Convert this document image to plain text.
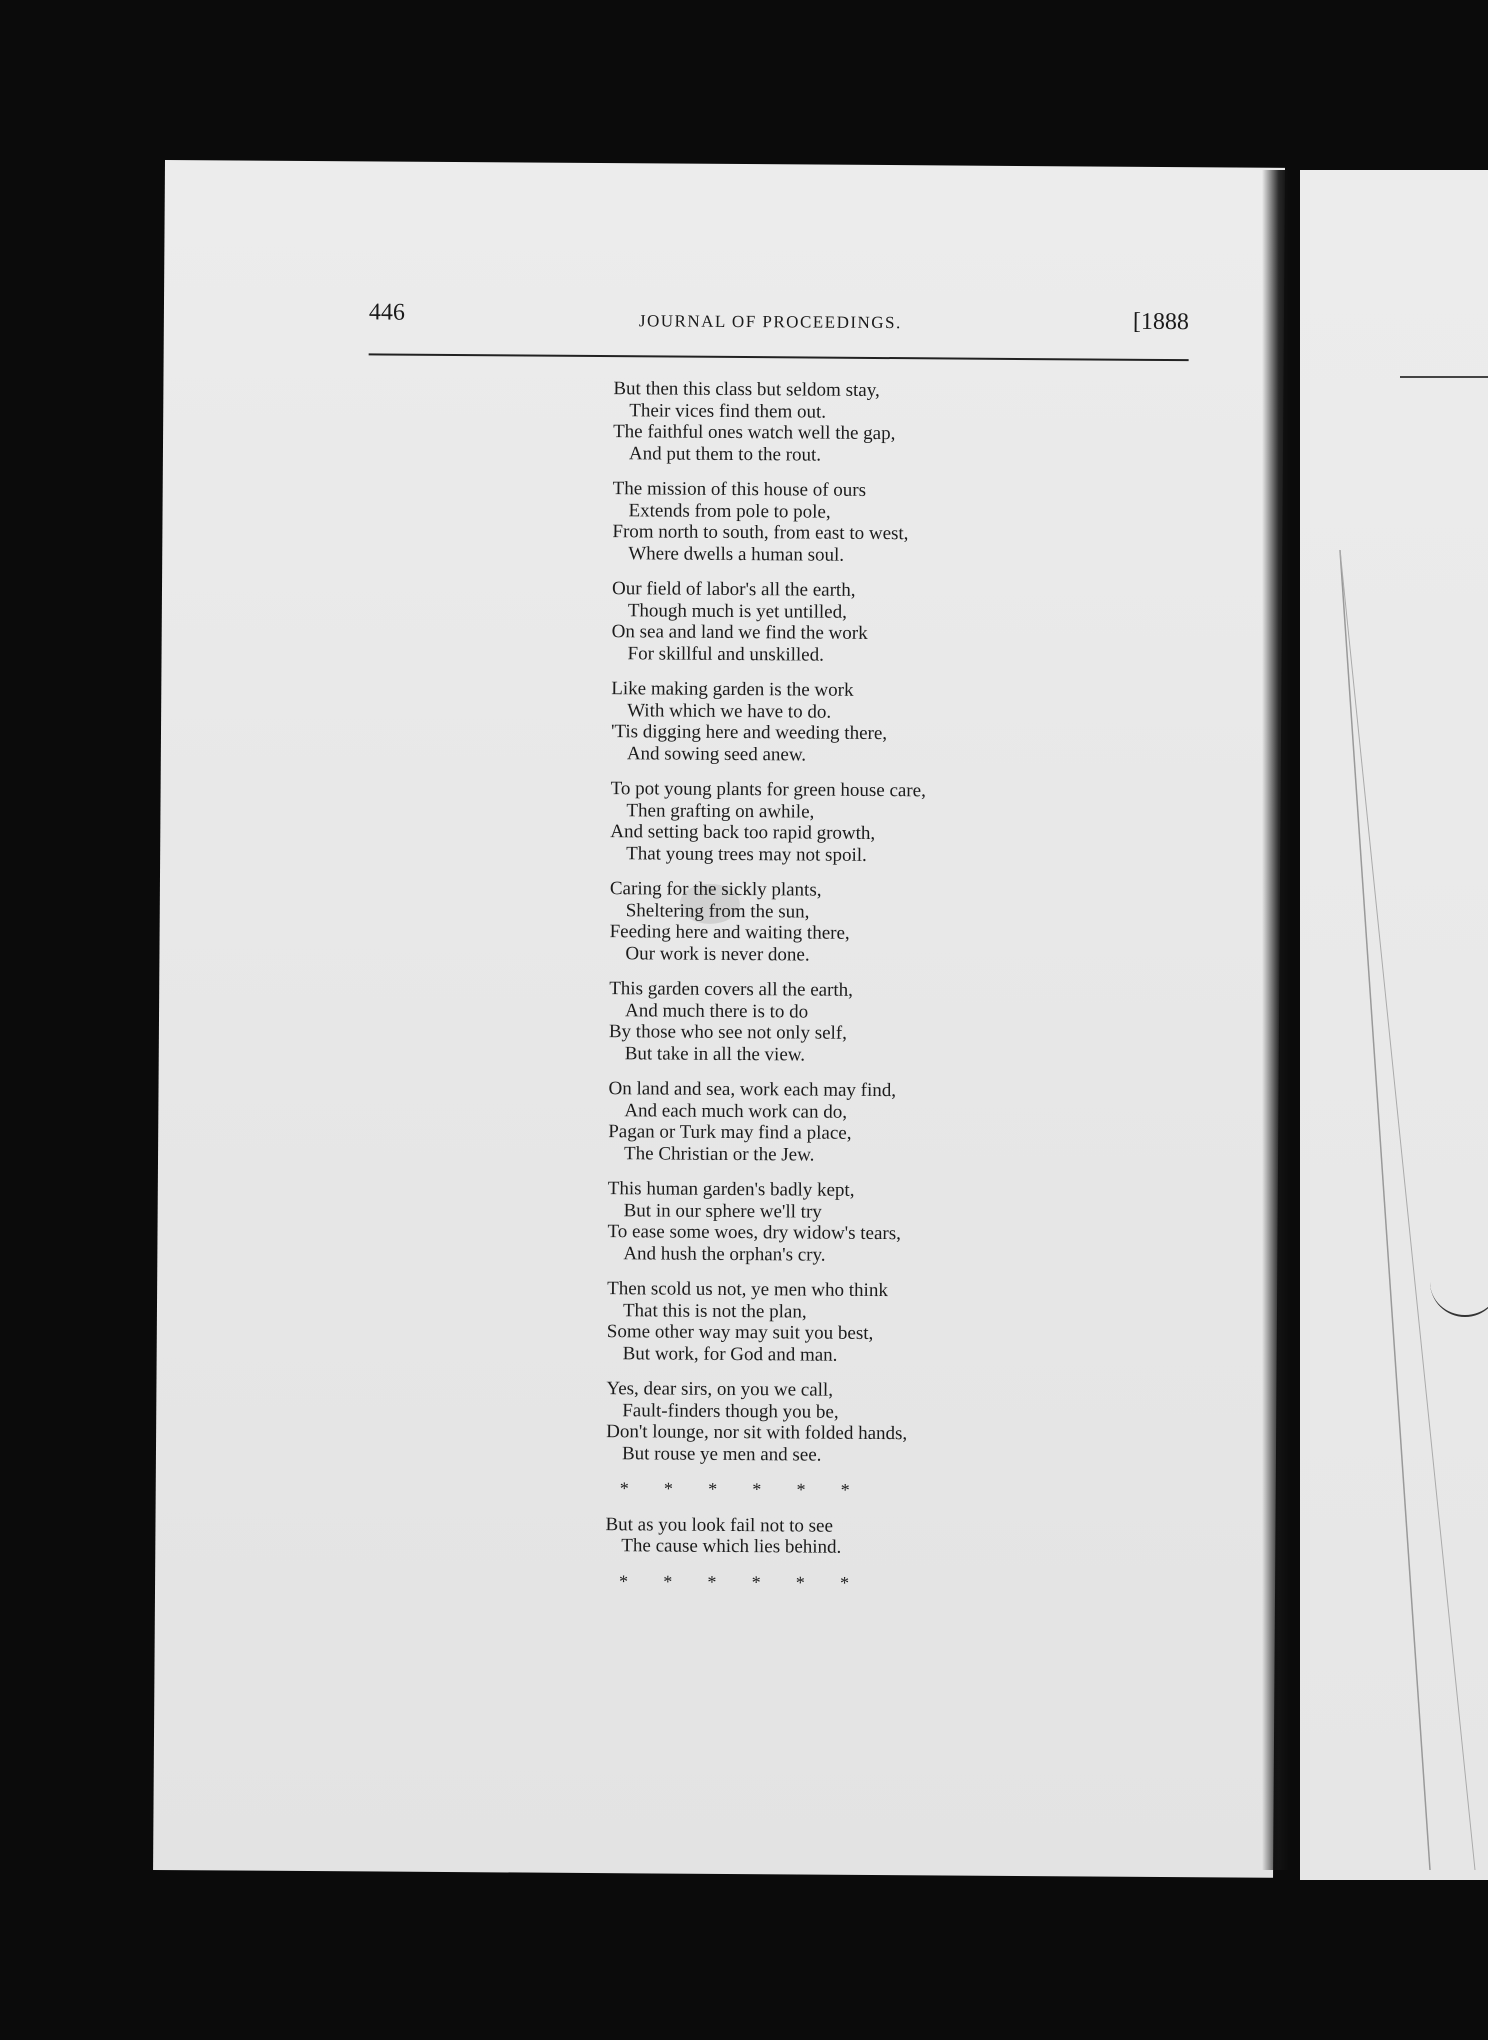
446	JOURNAL OF PROCEEDINGS.	[1888
But then this class but seldom stay,
Their vices find them out.
The faithful ones watch well the gap,
And put them to the rout.
The mission of this house of ours
Extends from pole to pole,
From north to south, from east to west,
Where dwells a human soul.
Our field of labor's all the earth,
Though much is yet untilled,
On sea and land we find the work
For skillful and unskilled.
Like making garden is the work
With which we have to do.
'Tis digging here and weeding there,
And sowing seed anew.
To pot young plants for green house care,
Then grafting on awhile,
And setting back too rapid growth,
That young trees may not spoil.
Caring for the sickly plants,
Sheltering from the sun,
Feeding here and waiting there,
Our work is never done.
This garden covers all the earth,
And much there is to do
By those who see not only self,
But take in all the view.
On land and sea, work each may find,
And each much work can do,
Pagan or Turk may find a place,
The Christian or the Jew.
This human garden's badly kept,
But in our sphere we'll try
To ease some woes, dry widow's tears,
And hush the orphan's cry.
Then scold us not, ye men who think
That this is not the plan,
Some other way may suit you best,
But work, for God and man.
Yes, dear sirs, on you we call,
Fault-finders though you be,
Don't lounge, nor sit with folded hands,
But rouse ye men and see.
* * * * * *
But as you look fail not to see
The cause which lies behind.
* * * * * *
